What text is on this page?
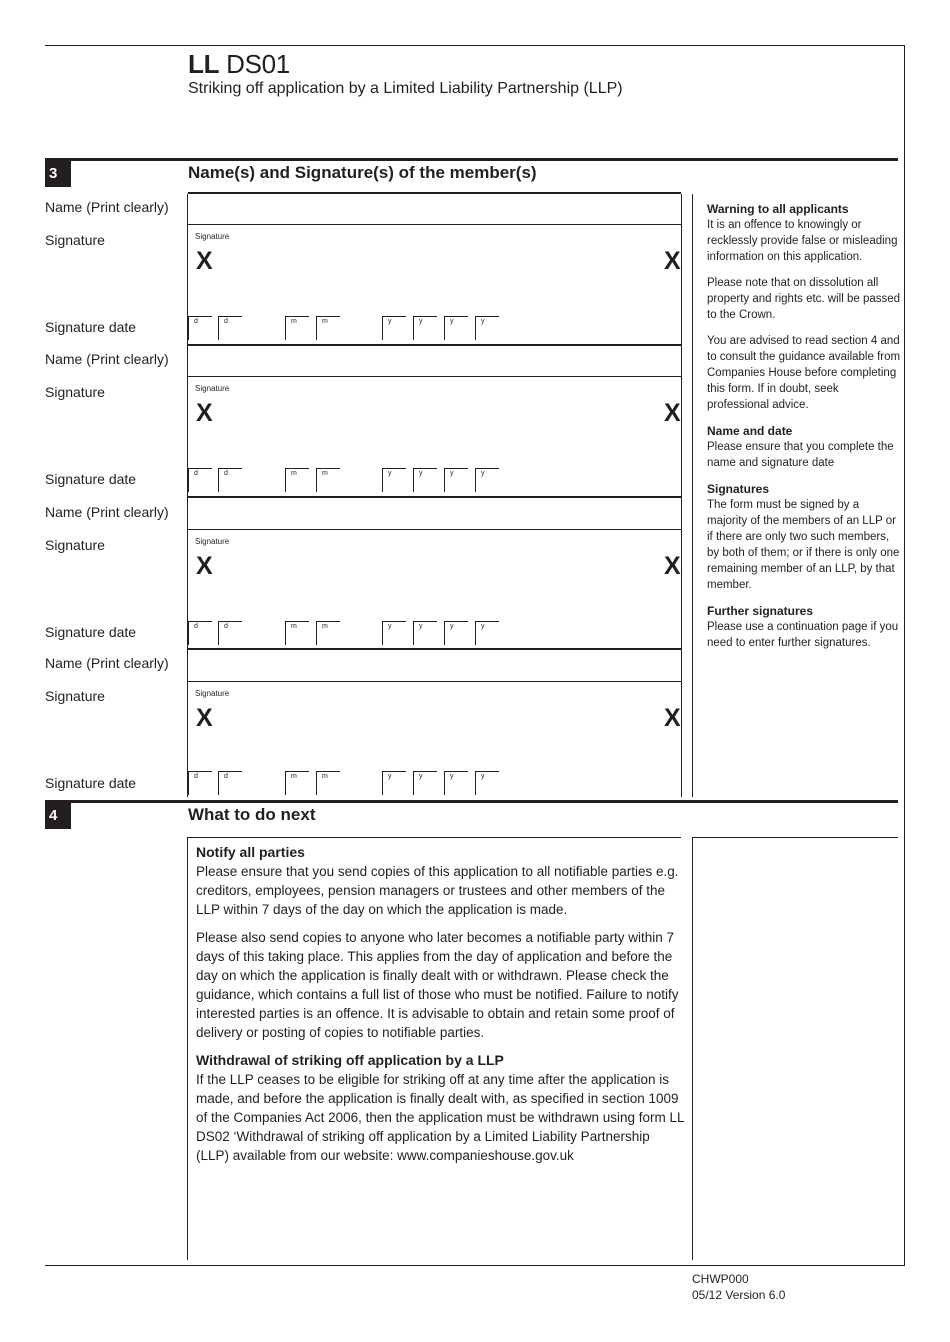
LL DS01
Striking off application by a Limited Liability Partnership (LLP)
3	Name(s) and Signature(s) of the member(s)
Name (Print clearly)
Signature	Signature
X	X
Signature date	d	d	m	m	y	y	y	y
Name (Print clearly)
Signature	Signature
X	X
Signature date	d	d	m	m	y	y	y	y
Name (Print clearly)
Signature	Signature
X	X
Signature date	d	d	m	m	y	y	y	y
Name (Print clearly)
Signature	Signature
X	X
Signature date	d	d	m	m	y	y	y	y
Warning to all applicants

It is an offence to knowingly or recklessly provide false or misleading information on this application.

Please note that on dissolution all property and rights etc. will be passed to the Crown.

You are advised to read section 4 and to consult the guidance available from Companies House before completing this form. If in doubt, seek professional advice.

Name and date

Please ensure that you complete the name and signature date

Signatures

The form must be signed by a majority of the members of an LLP or if there are only two such members, by both of them; or if there is only one remaining member of an LLP, by that member.

Further signatures

Please use a continuation page if you need to enter further signatures.

4	What to do next
Notify all parties

Please ensure that you send copies of this application to all notifiable parties e.g. creditors, employees, pension managers or trustees and other members of the LLP within 7 days of the day on which the application is made.

Please also send copies to anyone who later becomes a notifiable party within 7 days of this taking place. This applies from the day of application and before the day on which the application is finally dealt with or withdrawn. Please check the guidance, which contains a full list of those who must be notified. Failure to notify interested parties is an offence. It is advisable to obtain and retain some proof of delivery or posting of copies to notifiable parties.

Withdrawal of striking off application by a LLP

If the LLP ceases to be eligible for striking off at any time after the application is made, and before the application is finally dealt with, as specified in section 1009 of the Companies Act 2006, then the application must be withdrawn using form LL DS02 ‘Withdrawal of striking off application by a Limited Liability Partnership (LLP) available from our website: www.companieshouse.gov.uk

CHWP000
05/12 Version 6.0
